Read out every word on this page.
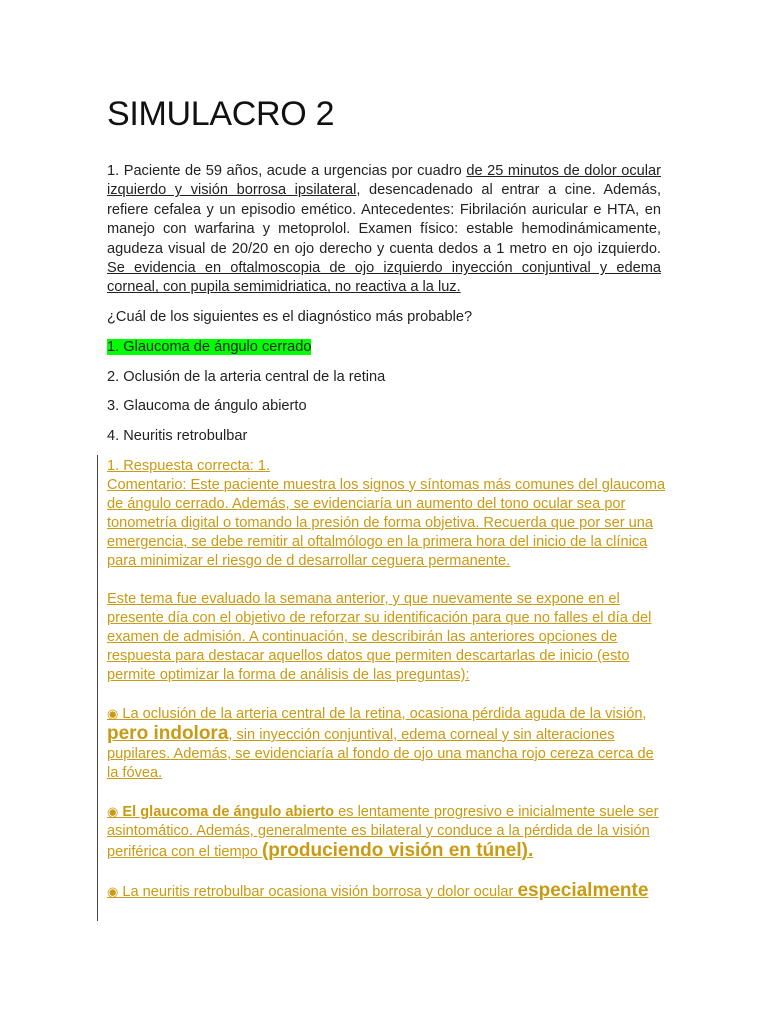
SIMULACRO 2

1. Paciente de 59 años, acude a urgencias por cuadro de 25 minutos de dolor ocular izquierdo y visión borrosa ipsilateral, desencadenado al entrar a cine. Además, refiere cefalea y un episodio emético. Antecedentes: Fibrilación auricular e HTA, en manejo con warfarina y metoprolol. Examen físico: estable hemodinámicamente, agudeza visual de 20/20 en ojo derecho y cuenta dedos a 1 metro en ojo izquierdo. Se evidencia en oftalmoscopia de ojo izquierdo inyección conjuntival y edema corneal, con pupila semimidriatica, no reactiva a la luz.

¿Cuál de los siguientes es el diagnóstico más probable?

1. Glaucoma de ángulo cerrado

2. Oclusión de la arteria central de la retina

3. Glaucoma de ángulo abierto

4. Neuritis retrobulbar

1. Respuesta correcta: 1.

Comentario: Este paciente muestra los signos y síntomas más comunes del glaucoma de ángulo cerrado. Además, se evidenciaría un aumento del tono ocular sea por tonometría digital o tomando la presión de forma objetiva. Recuerda que por ser una emergencia, se debe remitir al oftalmólogo en la primera hora del inicio de la clínica para minimizar el riesgo de d desarrollar ceguera permanente.

Este tema fue evaluado la semana anterior, y que nuevamente se expone en el presente día con el objetivo de reforzar su identificación para que no falles el día del examen de admisión. A continuación, se describirán las anteriores opciones de respuesta para destacar aquellos datos que permiten descartarlas de inicio (esto permite optimizar la forma de análisis de las preguntas):

◉ La oclusión de la arteria central de la retina, ocasiona pérdida aguda de la visión, pero indolora, sin inyección conjuntival, edema corneal y sin alteraciones pupilares. Además, se evidenciaría al fondo de ojo una mancha rojo cereza cerca de la fóvea.

◉ El glaucoma de ángulo abierto es lentamente progresivo e inicialmente suele ser asintomático. Además, generalmente es bilateral y conduce a la pérdida de la visión periférica con el tiempo (produciendo visión en túnel).

◉ La neuritis retrobulbar ocasiona visión borrosa y dolor ocular especialmente
